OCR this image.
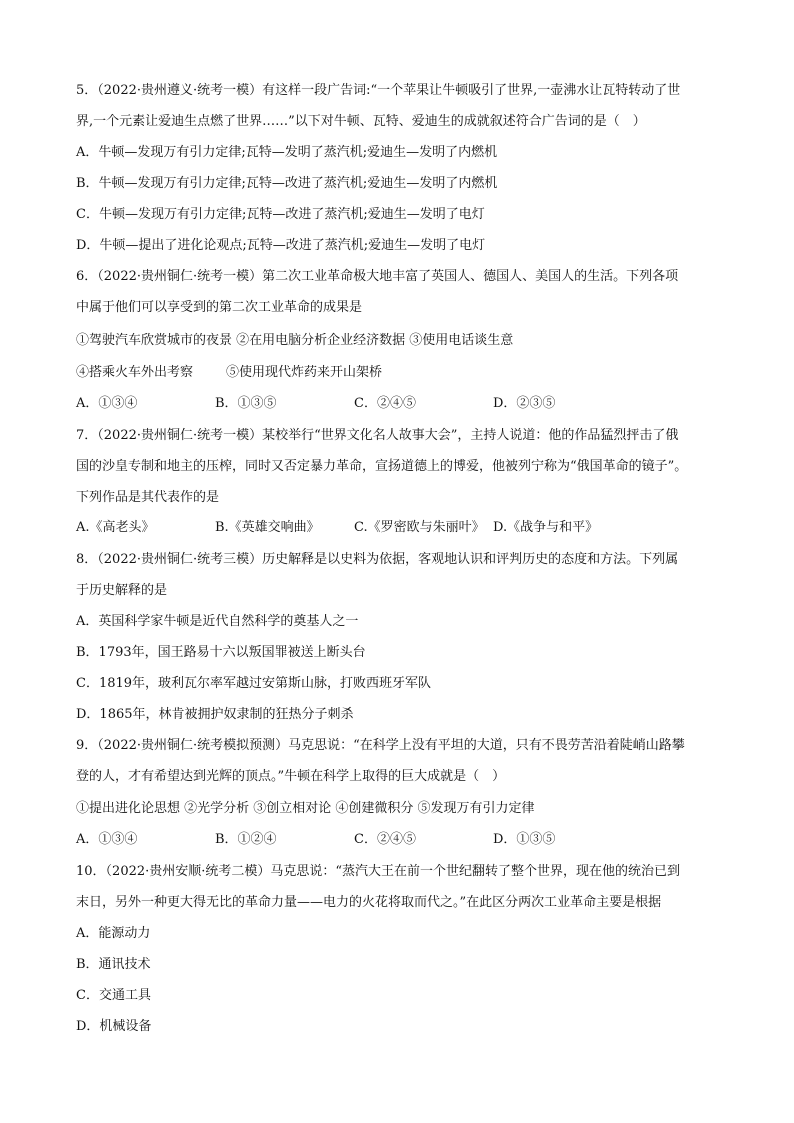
5．（2022·贵州遵义·统考一模）有这样一段广告词:“一个苹果让牛顿吸引了世界,一壶沸水让瓦特转动了世
界,一个元素让爱迪生点燃了世界……”以下对牛顿、瓦特、爱迪生的成就叙述符合广告词的是（　）
A．牛顿—发现万有引力定律;瓦特—发明了蒸汽机;爱迪生—发明了内燃机
B．牛顿—发现万有引力定律;瓦特—改进了蒸汽机;爱迪生—发明了内燃机
C．牛顿—发现万有引力定律;瓦特—改进了蒸汽机;爱迪生—发明了电灯
D．牛顿—提出了进化论观点;瓦特—改进了蒸汽机;爱迪生—发明了电灯
6．（2022·贵州铜仁·统考一模）第二次工业革命极大地丰富了英国人、德国人、美国人的生活。下列各项
中属于他们可以享受到的第二次工业革命的成果是
①驾驶汽车欣赏城市的夜景 ②在用电脑分析企业经济数据 ③使用电话谈生意
④搭乘火车外出考察        ⑤使用现代炸药来开山架桥
A．①③④	B．①③⑤	C．②④⑤	D．②③⑤
7．（2022·贵州铜仁·统考一模）某校举行“世界文化名人故事大会”，主持人说道：他的作品猛烈抨击了俄
国的沙皇专制和地主的压榨，同时又否定暴力革命，宣扬道德上的博爱，他被列宁称为“俄国革命的镜子”。
下列作品是其代表作的是
A.《高老头》	B.《英雄交响曲》	C.《罗密欧与朱丽叶》 D.《战争与和平》
8．（2022·贵州铜仁·统考三模）历史解释是以史料为依据，客观地认识和评判历史的态度和方法。下列属
于历史解释的是
A．英国科学家牛顿是近代自然科学的奠基人之一
B．1793年，国王路易十六以叛国罪被送上断头台
C．1819年，玻利瓦尔率军越过安第斯山脉，打败西班牙军队
D．1865年，林肯被拥护奴隶制的狂热分子刺杀
9．（2022·贵州铜仁·统考模拟预测）马克思说：“在科学上没有平坦的大道，只有不畏劳苦沿着陡峭山路攀
登的人，才有希望达到光辉的顶点。”牛顿在科学上取得的巨大成就是（　）
①提出进化论思想 ②光学分析 ③创立相对论 ④创建微积分 ⑤发现万有引力定律
A．①③④	B．①②④	C．②④⑤	D．①③⑤
10．（2022·贵州安顺·统考二模）马克思说：“蒸汽大王在前一个世纪翻转了整个世界，现在他的统治已到
末日，另外一种更大得无比的革命力量——电力的火花将取而代之。”在此区分两次工业革命主要是根据
A．能源动力
B．通讯技术
C．交通工具
D．机械设备
